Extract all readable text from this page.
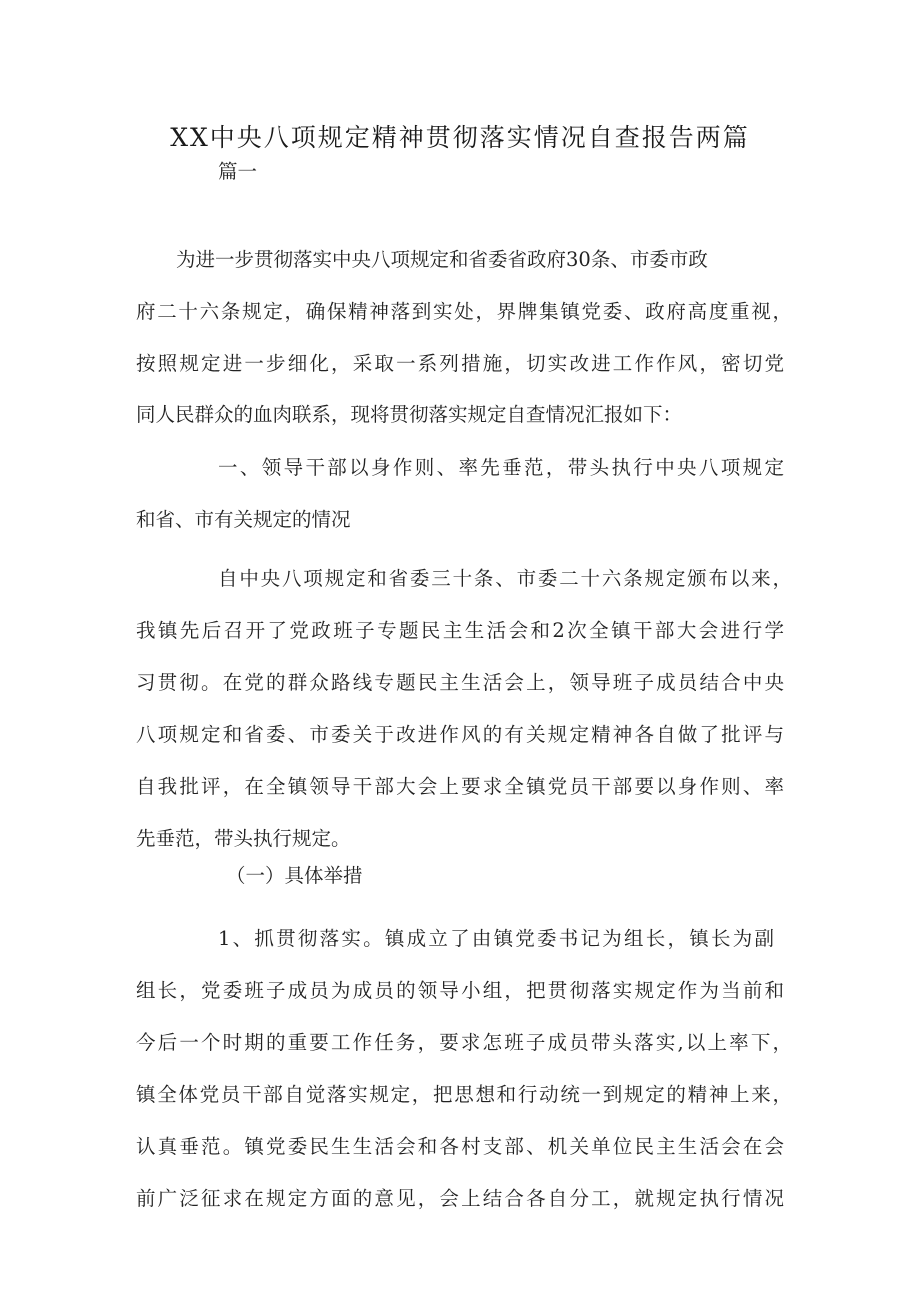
XX中央八项规定精神贯彻落实情况自查报告两篇
篇一
为进一步贯彻落实中央八项规定和省委省政府30条、市委市政
府二十六条规定，确保精神落到实处，界牌集镇党委、政府高度重视，
按照规定进一步细化，采取一系列措施，切实改进工作作风，密切党
同人民群众的血肉联系，现将贯彻落实规定自查情况汇报如下：
一、领导干部以身作则、率先垂范，带头执行中央八项规定
和省、市有关规定的情况
自中央八项规定和省委三十条、市委二十六条规定颁布以来，
我镇先后召开了党政班子专题民主生活会和2次全镇干部大会进行学
习贯彻。在党的群众路线专题民主生活会上，领导班子成员结合中央
八项规定和省委、市委关于改进作风的有关规定精神各自做了批评与
自我批评，在全镇领导干部大会上要求全镇党员干部要以身作则、率
先垂范，带头执行规定。
（一）具体举措
1、抓贯彻落实。镇成立了由镇党委书记为组长，镇长为副
组长，党委班子成员为成员的领导小组，把贯彻落实规定作为当前和
今后一个时期的重要工作任务，要求怎班子成员带头落实,以上率下，
镇全体党员干部自觉落实规定，把思想和行动统一到规定的精神上来，
认真垂范。镇党委民生生活会和各村支部、机关单位民主生活会在会
前广泛征求在规定方面的意见，会上结合各自分工，就规定执行情况
